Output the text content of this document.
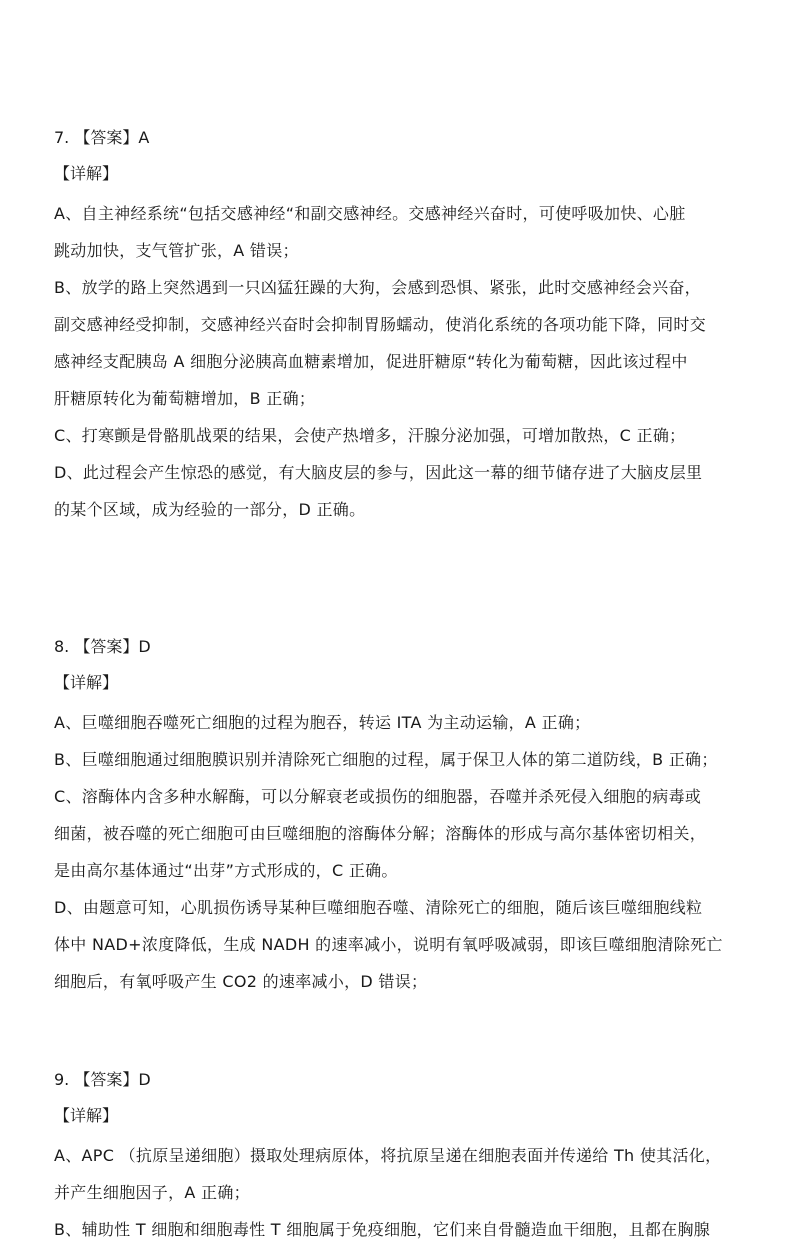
7. 【答案】A
【详解】
A、自主神经系统“包括交感神经“和副交感神经。交感神经兴奋时，可使呼吸加快、心脏
跳动加快，支气管扩张，A 错误；
B、放学的路上突然遇到一只凶猛狂躁的大狗，会感到恐惧、紧张，此时交感神经会兴奋，
副交感神经受抑制，交感神经兴奋时会抑制胃肠蠕动，使消化系统的各项功能下降，同时交
感神经支配胰岛 A 细胞分泌胰高血糖素增加，促进肝糖原“转化为葡萄糖，因此该过程中
肝糖原转化为葡萄糖增加，B 正确；
C、打寒颤是骨骼肌战栗的结果，会使产热增多，汗腺分泌加强，可增加散热，C 正确；
D、此过程会产生惊恐的感觉，有大脑皮层的参与，因此这一幕的细节储存进了大脑皮层里
的某个区域，成为经验的一部分，D 正确。
8. 【答案】D
【详解】
A、巨噬细胞吞噬死亡细胞的过程为胞吞，转运 ITA 为主动运输，A 正确；
B、巨噬细胞通过细胞膜识别并清除死亡细胞的过程，属于保卫人体的第二道防线，B 正确；
C、溶酶体内含多种水解酶，可以分解衰老或损伤的细胞器，吞噬并杀死侵入细胞的病毒或
细菌，被吞噬的死亡细胞可由巨噬细胞的溶酶体分解；溶酶体的形成与高尔基体密切相关，
是由高尔基体通过“出芽”方式形成的，C 正确。
D、由题意可知，心肌损伤诱导某种巨噬细胞吞噬、清除死亡的细胞，随后该巨噬细胞线粒
体中 NAD+浓度降低，生成 NADH 的速率减小，说明有氧呼吸减弱，即该巨噬细胞清除死亡
细胞后，有氧呼吸产生 CO2 的速率减小，D 错误；
9. 【答案】D
【详解】
A、APC （抗原呈递细胞）摄取处理病原体，将抗原呈递在细胞表面并传递给 Th 使其活化，
并产生细胞因子，A 正确；
B、辅助性 T 细胞和细胞毒性 T 细胞属于免疫细胞，它们来自骨髓造血干细胞，且都在胸腺
